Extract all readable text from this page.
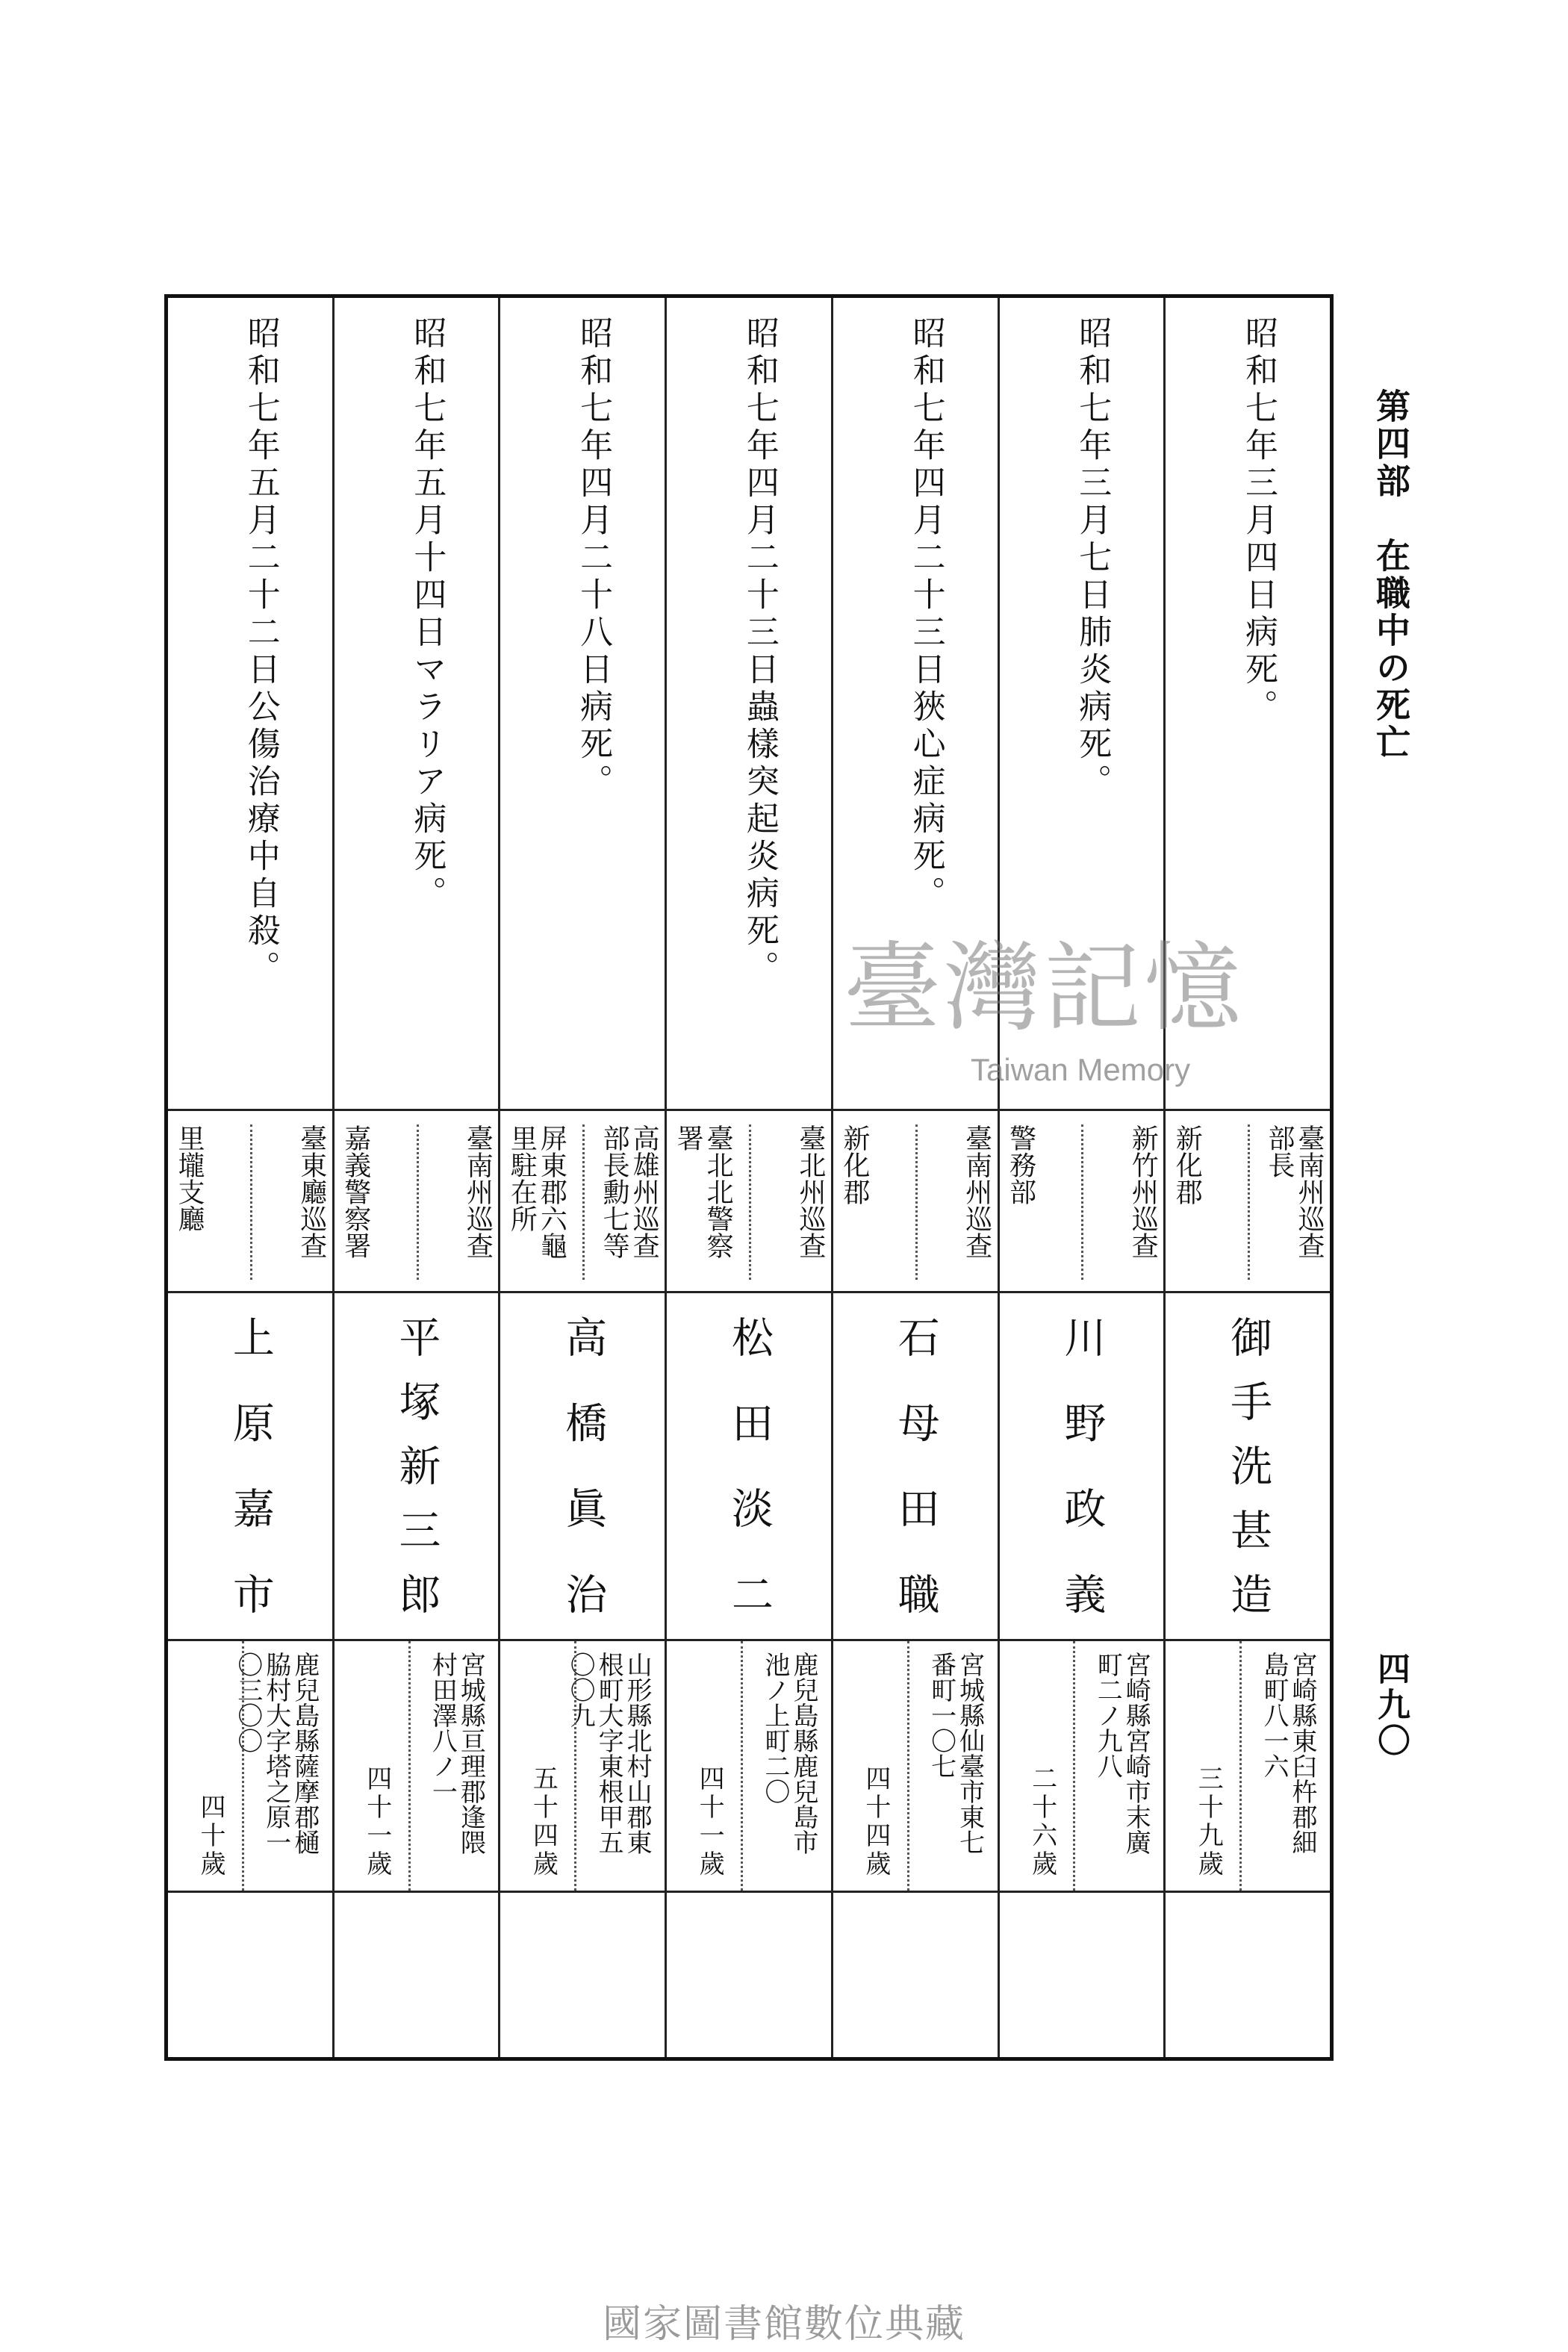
第四部　在職中の死亡
四九〇
昭和七年三月四日病死。
臺南州巡查部長
新化郡
御手洗甚造
宮崎縣東臼杵郡細島町八一六
三十九歲
昭和七年三月七日肺炎病死。
新竹州巡查
警務部
川野政義
宮崎縣宮崎市末廣町二ノ九八
二十六歲
昭和七年四月二十三日狹心症病死。
臺南州巡查
新化郡
石母田職
宮城縣仙臺市東七番町一〇七
四十四歲
昭和七年四月二十三日蟲樣突起炎病死。
臺北州巡查
臺北北警察署
松田淡二
鹿兒島縣鹿兒島市池ノ上町二〇
四十一歲
昭和七年四月二十八日病死。
高雄州巡查部長勳七等
屏東郡六龜里駐在所
高橋眞治
山形縣北村山郡東根町大字東根甲五〇〇九
五十四歲
昭和七年五月十四日マラリア病死。
臺南州巡查
嘉義警察署
平塚新三郎
宮城縣亘理郡逢隈村田澤八ノ一
四十一歲
昭和七年五月二十二日公傷治療中自殺。
臺東廳巡查
里壠支廳
上原嘉市
鹿兒島縣薩摩郡樋脇村大字塔之原一〇三〇〇
四十歲
臺灣記憶
Taiwan Memory
國家圖書館數位典藏
